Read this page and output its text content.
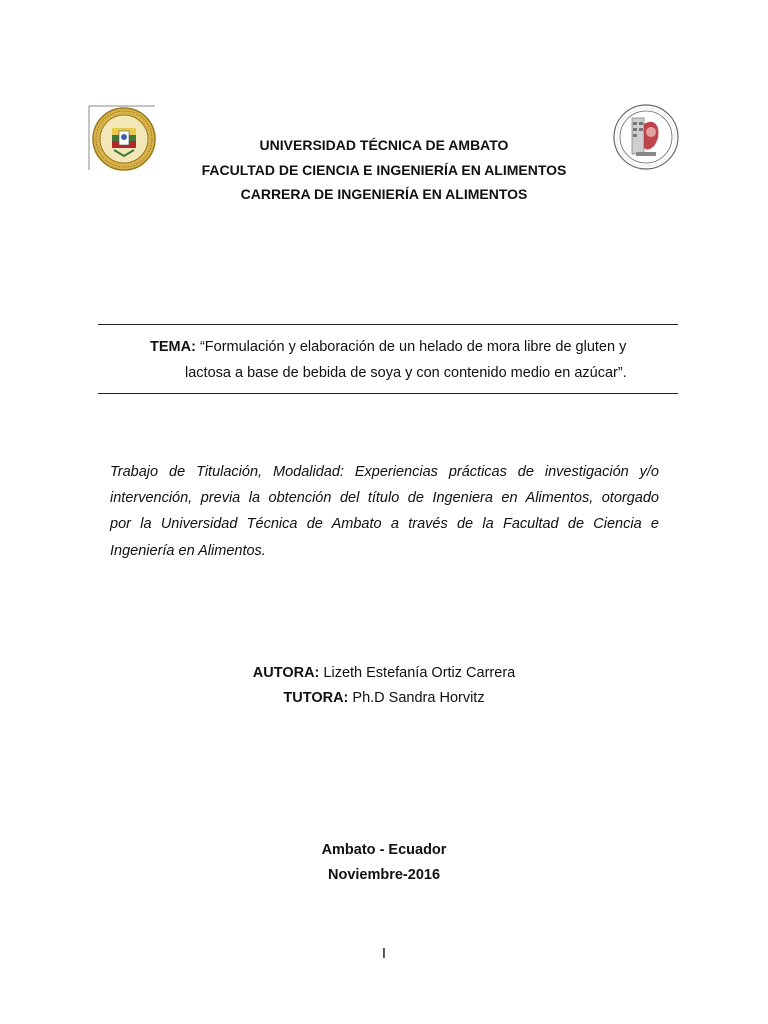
UNIVERSIDAD TÉCNICA DE AMBATO
FACULTAD DE CIENCIA E INGENIERÍA EN ALIMENTOS
CARRERA DE INGENIERÍA EN ALIMENTOS
TEMA: “Formulación y elaboración de un helado de mora libre de gluten y
lactosa a base de bebida de soya y con contenido medio en azúcar”.
Trabajo de Titulación, Modalidad: Experiencias prácticas de investigación y/o
intervención, previa la obtención del título de Ingeniera en Alimentos, otorgado
por la Universidad Técnica de Ambato a través de la Facultad de Ciencia e
Ingeniería en Alimentos.
AUTORA: Lizeth Estefanía Ortiz Carrera
TUTORA: Ph.D Sandra Horvitz
Ambato - Ecuador
Noviembre-2016
I
